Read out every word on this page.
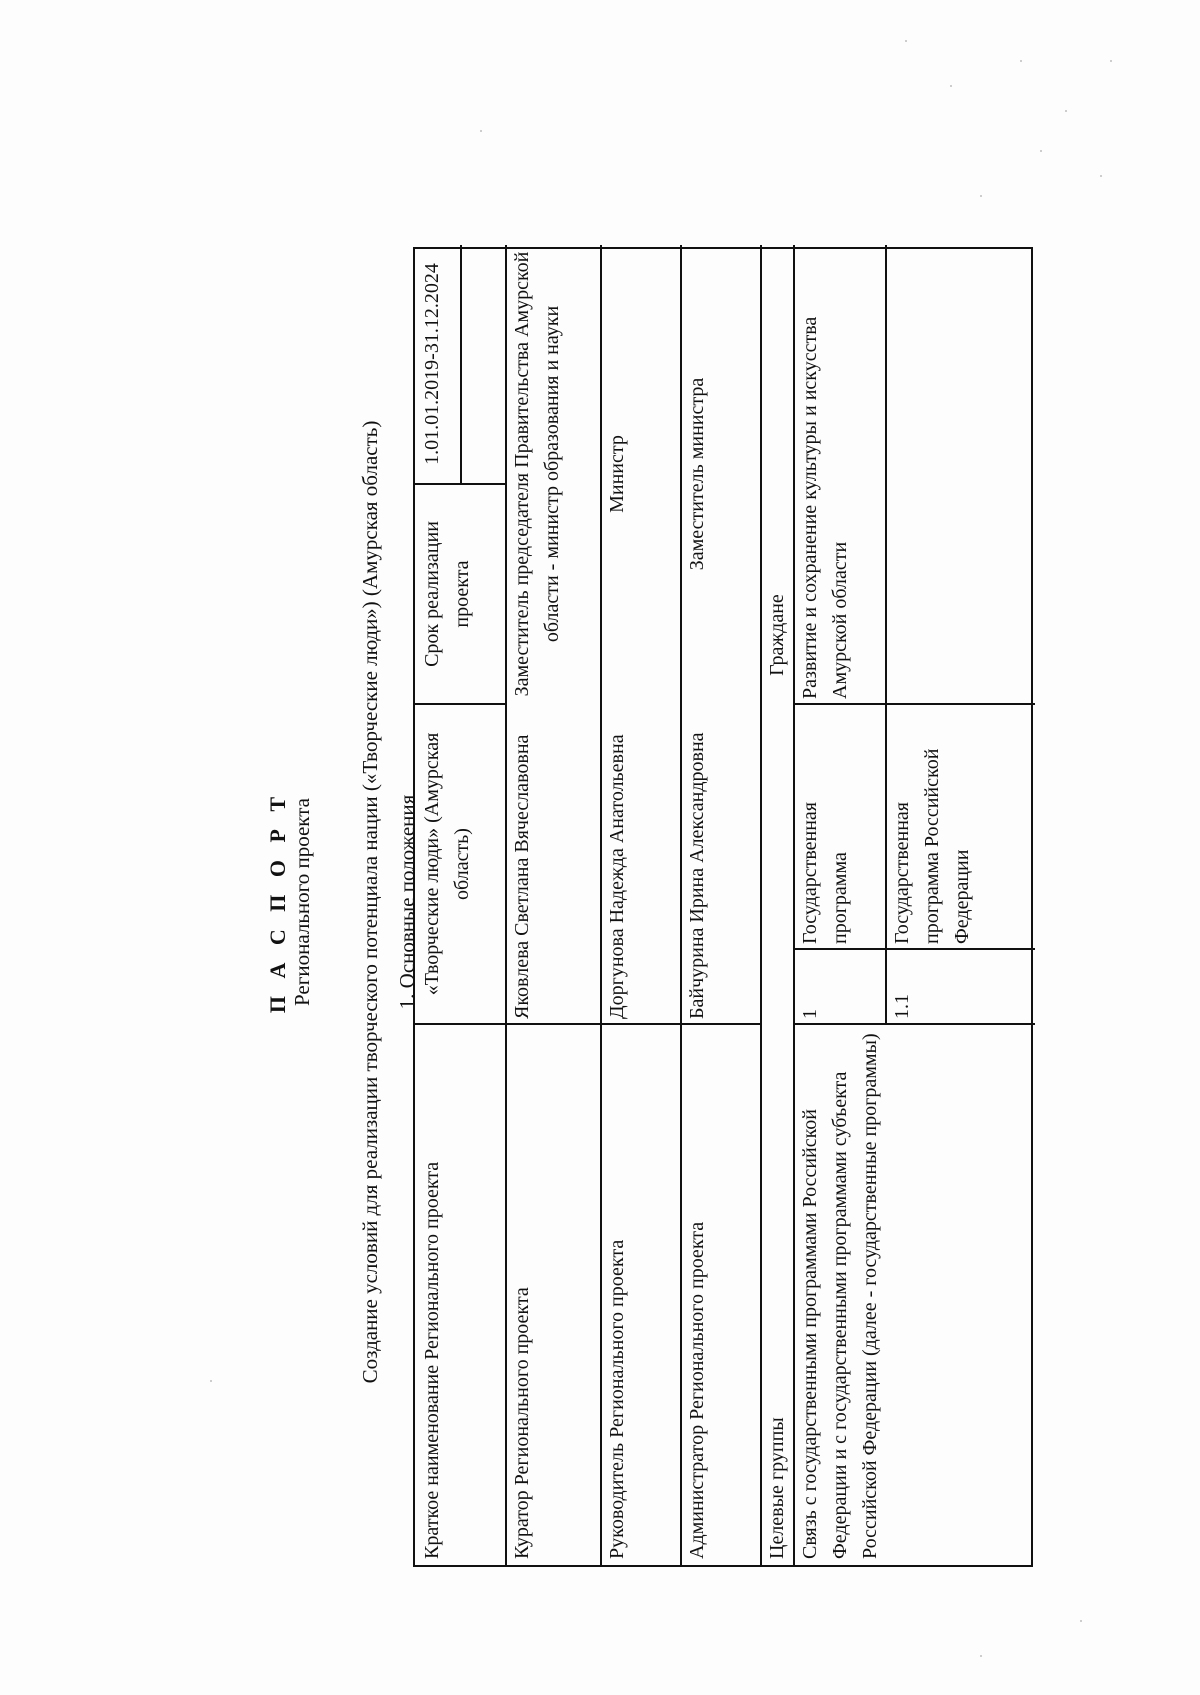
П А С П О Р Т Регионального проекта Создание условий для реализации творческого потенциала нации («Творческие люди») (Амурская область) 1. Основные положения
Краткое наименование Регионального проекта
«Творческие люди» (Амурская область)
Срок реализации проекта
1.01.01.2019-31.12.2024
Куратор Регионального проекта
Яковлева Светлана Вячеславовна
Заместитель председателя Правительства Амурской области - министр образования и науки
Руководитель Регионального проекта
Доргунова Надежда Анатольевна
Министр
Администратор Регионального проекта
Байчурина Ирина Александровна
Заместитель министра
Целевые группы
Граждане
Связь с государственными программами Российской Федерации и с государственными программами субъекта Российской Федерации (далее - государственные программы)
1
Государственная программа
Развитие и сохранение культуры и искусства Амурской области
1.1
Государственная программа Российской Федерации
